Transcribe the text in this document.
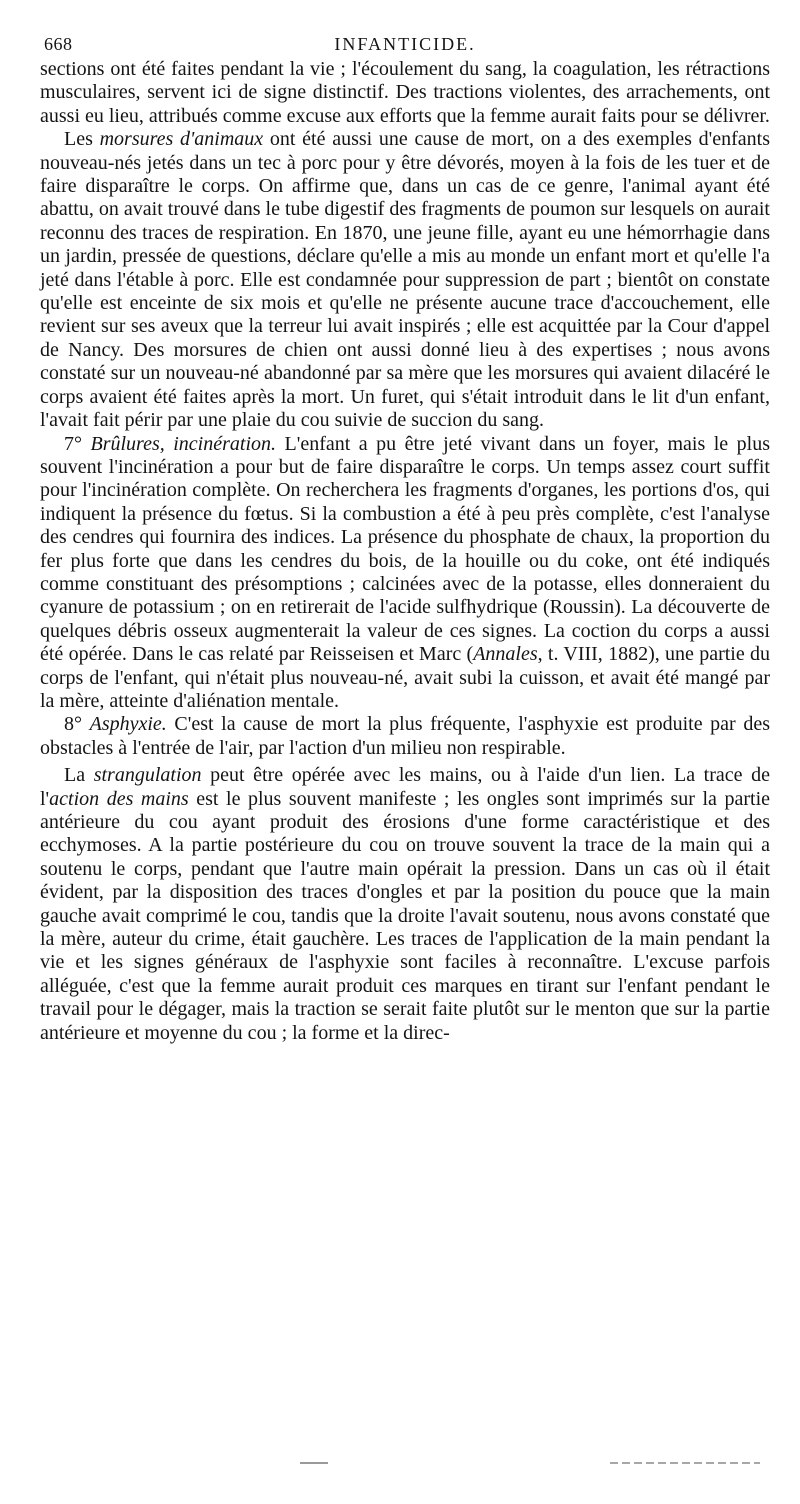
668	INFANTICIDE.

sections ont été faites pendant la vie ; l'écoulement du sang, la coagulation, les rétractions musculaires, servent ici de signe distinctif. Des tractions violentes, des arrachements, ont aussi eu lieu, attribués comme excuse aux efforts que la femme aurait faits pour se délivrer.

Les morsures d'animaux ont été aussi une cause de mort, on a des exemples d'enfants nouveau-nés jetés dans un tec à porc pour y être dévorés, moyen à la fois de les tuer et de faire disparaître le corps. On affirme que, dans un cas de ce genre, l'animal ayant été abattu, on avait trouvé dans le tube digestif des fragments de poumon sur lesquels on aurait reconnu des traces de respiration. En 1870, une jeune fille, ayant eu une hémorrhagie dans un jardin, pressée de questions, déclare qu'elle a mis au monde un enfant mort et qu'elle l'a jeté dans l'étable à porc. Elle est condamnée pour suppression de part ; bientôt on constate qu'elle est enceinte de six mois et qu'elle ne présente aucune trace d'accouchement, elle revient sur ses aveux que la terreur lui avait inspirés ; elle est acquittée par la Cour d'appel de Nancy. Des morsures de chien ont aussi donné lieu à des expertises ; nous avons constaté sur un nouveau-né abandonné par sa mère que les morsures qui avaient dilacéré le corps avaient été faites après la mort. Un furet, qui s'était introduit dans le lit d'un enfant, l'avait fait périr par une plaie du cou suivie de succion du sang.

7° Brûlures, incinération. L'enfant a pu être jeté vivant dans un foyer, mais le plus souvent l'incinération a pour but de faire disparaître le corps. Un temps assez court suffit pour l'incinération complète. On recherchera les fragments d'organes, les portions d'os, qui indiquent la présence du fœtus. Si la combustion a été à peu près complète, c'est l'analyse des cendres qui fournira des indices. La présence du phosphate de chaux, la proportion du fer plus forte que dans les cendres du bois, de la houille ou du coke, ont été indiqués comme constituant des présomptions ; calcinées avec de la potasse, elles donneraient du cyanure de potassium ; on en retirerait de l'acide sulfhydrique (Roussin). La découverte de quelques débris osseux augmenterait la valeur de ces signes. La coction du corps a aussi été opérée. Dans le cas relaté par Reisseisen et Marc (Annales, t. VIII, 1882), une partie du corps de l'enfant, qui n'était plus nouveau-né, avait subi la cuisson, et avait été mangé par la mère, atteinte d'aliénation mentale.

8° Asphyxie. C'est la cause de mort la plus fréquente, l'asphyxie est produite par des obstacles à l'entrée de l'air, par l'action d'un milieu non respirable.

La strangulation peut être opérée avec les mains, ou à l'aide d'un lien. La trace de l'action des mains est le plus souvent manifeste ; les ongles sont imprimés sur la partie antérieure du cou ayant produit des érosions d'une forme caractéristique et des ecchymoses. A la partie postérieure du cou on trouve souvent la trace de la main qui a soutenu le corps, pendant que l'autre main opérait la pression. Dans un cas où il était évident, par la disposition des traces d'ongles et par la position du pouce que la main gauche avait comprimé le cou, tandis que la droite l'avait soutenu, nous avons constaté que la mère, auteur du crime, était gauchère. Les traces de l'application de la main pendant la vie et les signes généraux de l'asphyxie sont faciles à reconnaître. L'excuse parfois alléguée, c'est que la femme aurait produit ces marques en tirant sur l'enfant pendant le travail pour le dégager, mais la traction se serait faite plutôt sur le menton que sur la partie antérieure et moyenne du cou ; la forme et la direc-
